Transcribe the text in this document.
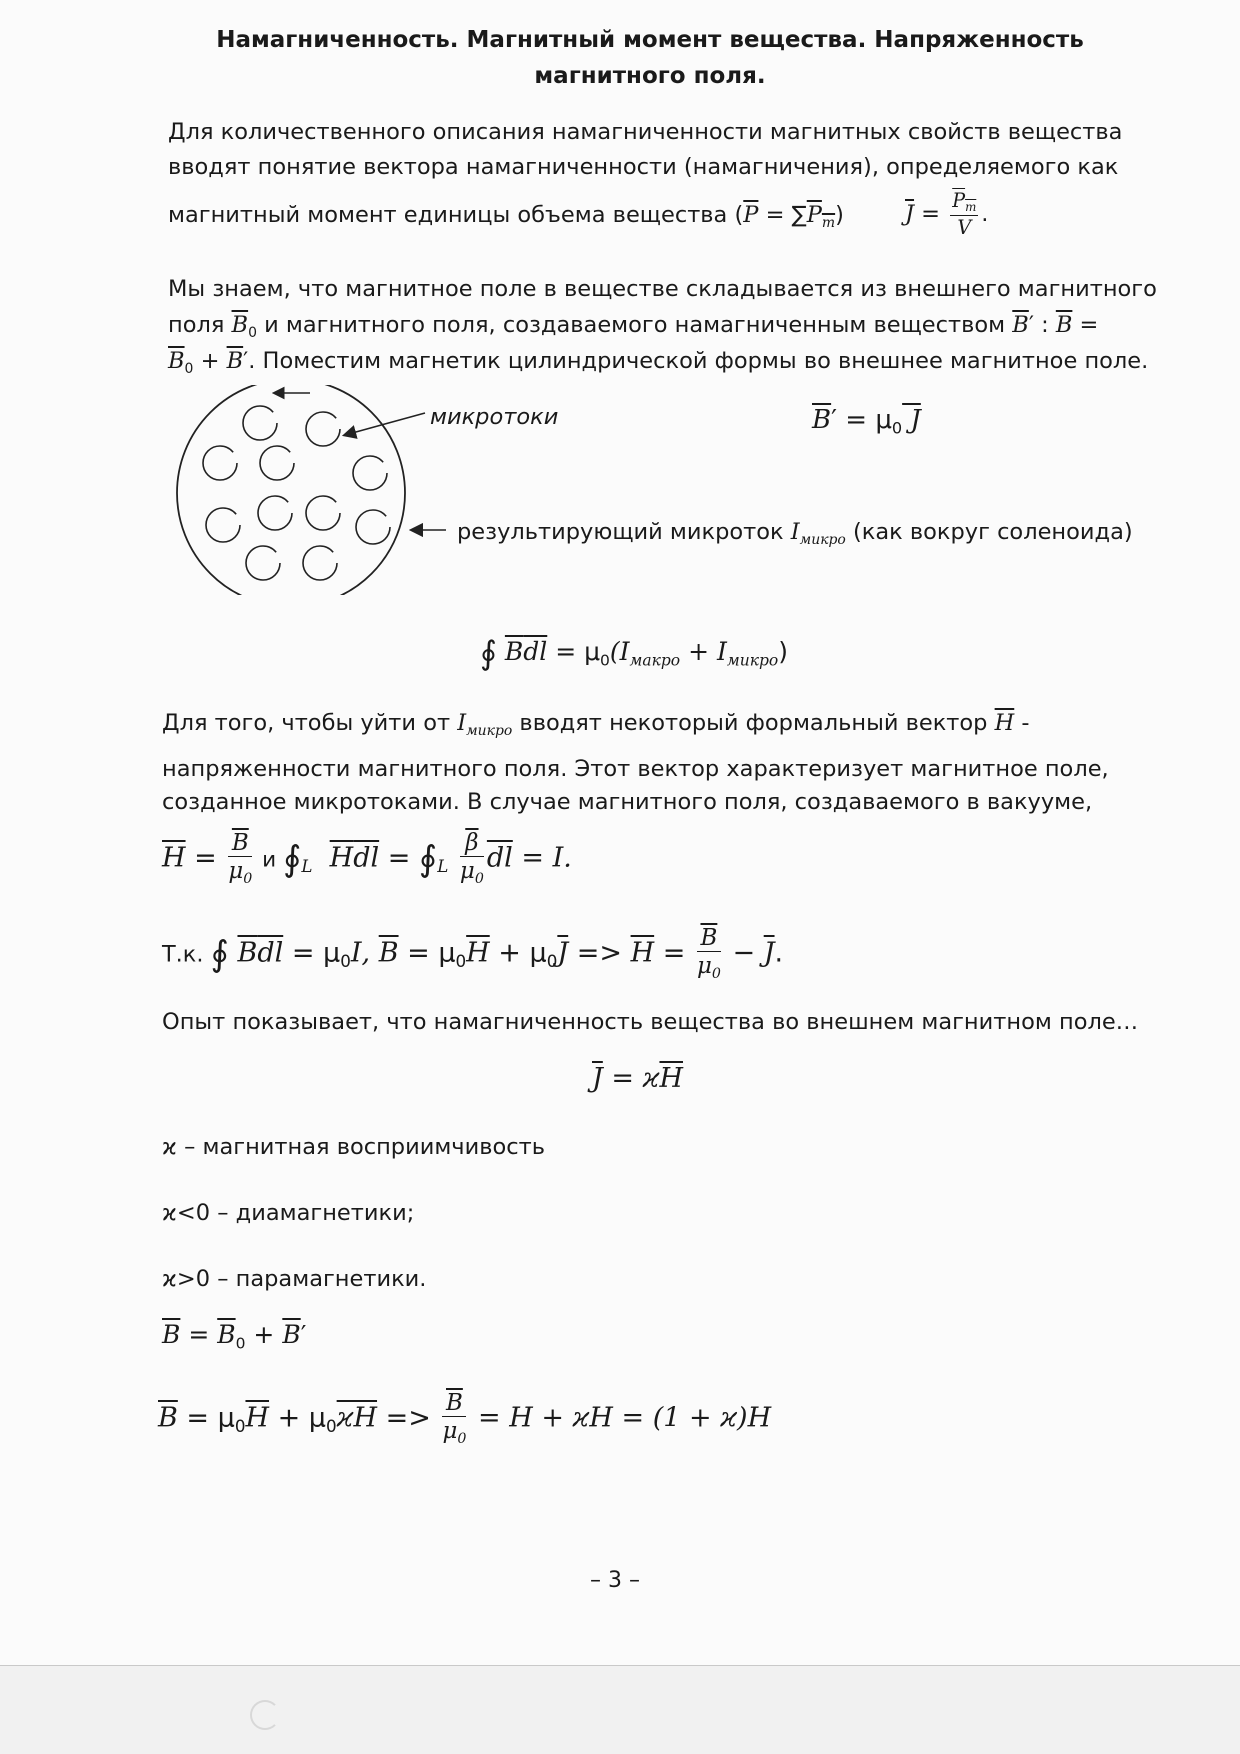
Намагниченность. Магнитный момент вещества. Напряженность
магнитного поля.
Для количественного описания намагниченности магнитных свойств вещества
вводят понятие вектора намагниченности (намагничения), определяемого как
магнитный момент единицы объема вещества $(\overline{P} = \sum P_m)$	$\overline{J} = \frac{P_m}{V}$ .
Мы знаем, что магнитное поле в веществе складывается из внешнего магнитного
поля $\overline{B}_0$ и магнитного поля, создаваемого намагниченным веществом $\overline{B}'$ : $\overline{B}$ =
$\overline{B}_0 + \overline{B}'$. Поместим магнетик цилиндрической формы во внешнее магнитное поле.
микротоки	$\overline{B}' = \mu_0$ J
результирующий микроток $I_{микро}$ (как вокруг соленоида)
∮ $\overline{B}\overline{dl} = \mu_0(I_{макро} + I_{микро})$
Для того, чтобы уйти от $I_{микро}$ вводят некоторый формальный вектор $\overline{H}$ -
напряженности магнитного поля. Этот вектор характеризует магнитное поле,
созданное микротоками. В случае магнитного поля, создаваемого в вакууме,
$\overline{H} = \frac{\overline{B}}{\mu_0}$ и $∮_L$ $\overline{H}\overline{dl}$ = $∮_L \frac{\overline{\beta}}{\mu_0} \overline{dl} = I$.
Т.к. ∮ $\overline{B}\overline{dl} = \mu_0I$, $\overline{B} = \mu_0\overline{H} + \mu_0\overline{J} => \overline{H} = \frac{\overline{B}}{\mu_0} - \overline{J}$.
Опыт показывает, что намагниченность вещества во внешнем магнитном поле…
$\overline{J} = ϰ\overline{H}$
ϰ – магнитная восприимчивость
ϰ<0 – диамагнетики;
ϰ>0 – парамагнетики.
$\overline{B} = \overline{B}_0 + \overline{B}'$
$\overline{B} = \mu_0\overline{H} + \mu_0\overline{ϰH} => \frac{\overline{B}}{\mu_0} = H + ϰH = (1 + ϰ)H$
– 3 –
